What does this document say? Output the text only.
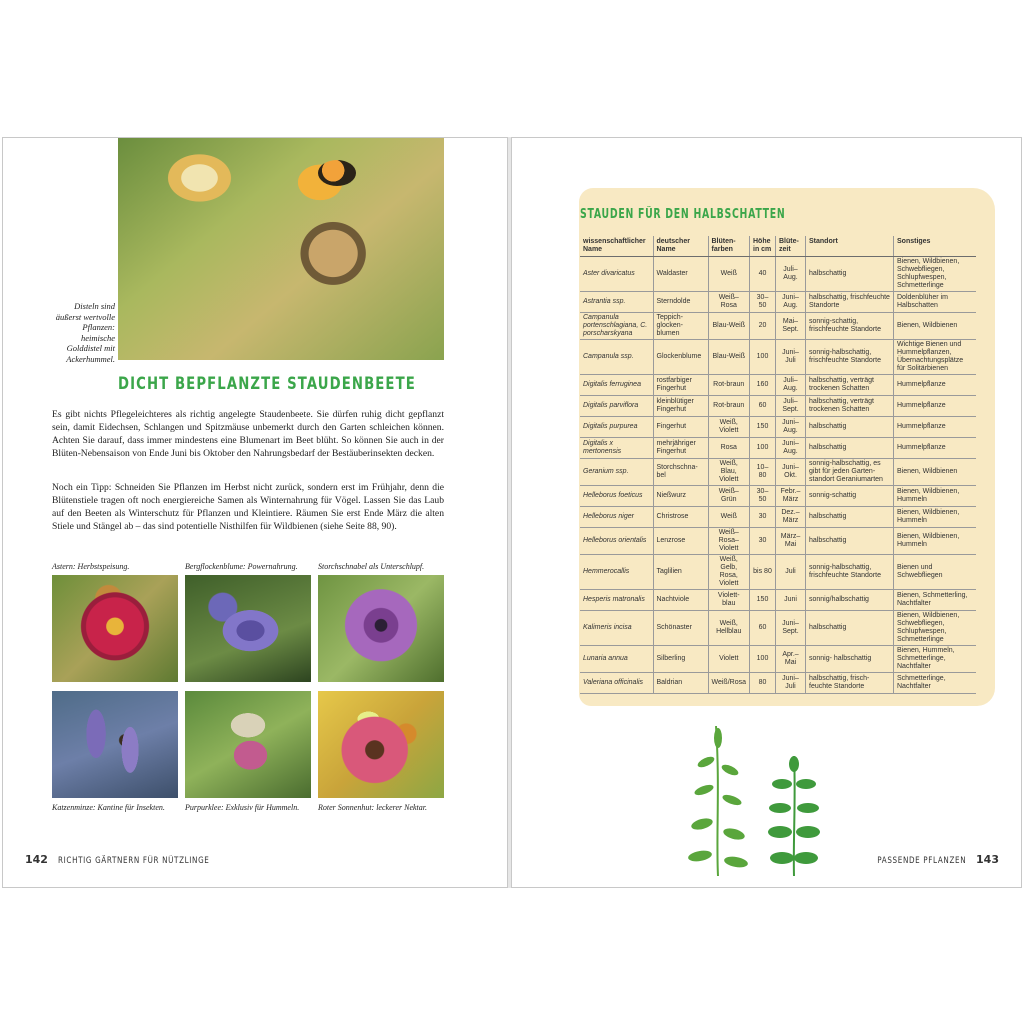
Disteln sind äußerst wertvolle Pflanzen: heimische Golddistel mit Ackerhummel.
DICHT BEPFLANZTE STAUDENBEETE
Es gibt nichts Pflegeleichteres als richtig angelegte Staudenbeete. Sie dürfen ruhig dicht gepflanzt sein, damit Eidechsen, Schlangen und Spitzmäuse unbemerkt durch den Garten schleichen können. Achten Sie darauf, dass immer mindestens eine Blumenart im Beet blüht. So können Sie auch in der Blüten-Nebensaison von Ende Juni bis Oktober den Nahrungsbedarf der Bestäuberinsekten decken.
Noch ein Tipp: Schneiden Sie Pflanzen im Herbst nicht zurück, sondern erst im Frühjahr, denn die Blütenstiele tragen oft noch energiereiche Samen als Winternahrung für Vögel. Lassen Sie das Laub auf den Beeten als Winterschutz für Pflanzen und Kleintiere. Räumen Sie erst Ende März die alten Stiele und Stängel ab – das sind potentielle Nisthilfen für Wildbienen (siehe Seite 88, 90).
Astern: Herbstspeisung.	Bergflockenblume: Powernahrung.	Storchschnabel als Unterschlupf.
Katzenminze: Kantine für Insekten.	Purpurklee: Exklusiv für Hummeln.	Roter Sonnenhut: leckerer Nektar.
142 RICHTIG GÄRTNERN FÜR NÜTZLINGE
STAUDEN FÜR DEN HALBSCHATTEN
wissenschaftlicher Name	deutscher Name	Blüten-farben	Höhe in cm	Blüte-zeit	Standort	Sonstiges
Aster divaricatus	Waldaster	Weiß	40	Juli–Aug.	halbschattig	Bienen, Wildbienen, Schwebfliegen, Schlupfwespen, Schmetterlinge
Astrantia ssp.	Sterndolde	Weiß–Rosa	30–50	Juni–Aug.	halbschattig, frischfeuchte Standorte	Doldenblüher im Halbschatten
Campanula portenschlagiana, C. porscharskyana	Teppich-glocken-blumen	Blau-Weiß	20	Mai–Sept.	sonnig-schattig, frischfeuchte Standorte	Bienen, Wildbienen
Campanula ssp.	Glockenblume	Blau-Weiß	100	Juni–Juli	sonnig-halbschattig, frischfeuchte Standorte	Wichtige Bienen und Hummelpflanzen, Übernachtungsplätze für Solitärbienen
Digitalis ferruginea	rostfarbiger Fingerhut	Rot-braun	160	Juli–Aug.	halbschattig, verträgt trockenen Schatten	Hummelpflanze
Digitalis parviflora	kleinblütiger Fingerhut	Rot-braun	60	Juli–Sept.	halbschattig, verträgt trockenen Schatten	Hummelpflanze
Digitalis purpurea	Fingerhut	Weiß, Violett	150	Juni–Aug.	halbschattig	Hummelpflanze
Digitalis x mertonensis	mehrjähriger Fingerhut	Rosa	100	Juni–Aug.	halbschattig	Hummelpflanze
Geranium ssp.	Storchschna-bel	Weiß, Blau, Violett	10–80	Juni–Okt.	sonnig-halbschattig, es gibt für jeden Garten-standort Geraniumarten	Bienen, Wildbienen
Helleborus foeticus	Nießwurz	Weiß–Grün	30–50	Febr.–März	sonnig-schattig	Bienen, Wildbienen, Hummeln
Helleborus niger	Christrose	Weiß	30	Dez.–März	halbschattig	Bienen, Wildbienen, Hummeln
Helleborus orientalis	Lenzrose	Weiß–Rosa–Violett	30	März–Mai	halbschattig	Bienen, Wildbienen, Hummeln
Hemmerocallis	Taglilien	Weiß, Gelb, Rosa, Violett	bis 80	Juli	sonnig-halbschattig, frischfeuchte Standorte	Bienen und Schwebfliegen
Hesperis matronalis	Nachtviole	Violett-blau	150	Juni	sonnig/halbschattig	Bienen, Schmetterling, Nachtfalter
Kalimeris incisa	Schönaster	Weiß, Hellblau	60	Juni–Sept.	halbschattig	Bienen, Wildbienen, Schwebfliegen, Schlupfwespen, Schmetterlinge
Lunaria annua	Silberling	Violett	100	Apr.–Mai	sonnig- halbschattig	Bienen, Hummeln, Schmetterlinge, Nachtfalter
Valeriana officinalis	Baldrian	Weiß/Rosa	80	Juni–Juli	halbschattig, frisch-feuchte Standorte	Schmetterlinge, Nachtfalter
PASSENDE PFLANZEN 143
